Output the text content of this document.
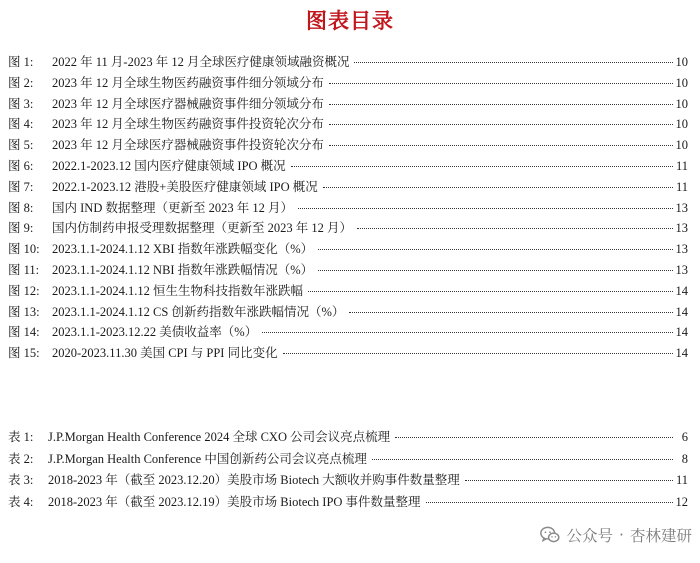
图表目录
图 1:	2022 年 11 月-2023 年 12 月全球医疗健康领域融资概况	10
图 2:	2023 年 12 月全球生物医药融资事件细分领域分布	10
图 3:	2023 年 12 月全球医疗器械融资事件细分领域分布	10
图 4:	2023 年 12 月全球生物医药融资事件投资轮次分布	10
图 5:	2023 年 12 月全球医疗器械融资事件投资轮次分布	10
图 6:	2022.1-2023.12 国内医疗健康领域 IPO 概况	11
图 7:	2022.1-2023.12 港股+美股医疗健康领域 IPO 概况	11
图 8:	国内 IND 数据整理（更新至 2023 年 12 月）	13
图 9:	国内仿制药申报受理数据整理（更新至 2023 年 12 月）	13
图 10: 2023.1.1-2024.1.12 XBI 指数年涨跌幅变化（%）	13
图 11:	2023.1.1-2024.1.12 NBI 指数年涨跌幅情况（%）	13
图 12: 2023.1.1-2024.1.12 恒生生物科技指数年涨跌幅	14
图 13: 2023.1.1-2024.1.12 CS 创新药指数年涨跌幅情况（%）	14
图 14: 2023.1.1-2023.12.22 美债收益率（%）	14
图 15: 2020-2023.11.30 美国 CPI 与 PPI 同比变化	14
表 1:	J.P.Morgan Health Conference 2024 全球 CXO 公司会议亮点梳理	6
表 2:	J.P.Morgan Health Conference 中国创新药公司会议亮点梳理	8
表 3:	2018-2023 年（截至 2023.12.20）美股市场 Biotech 大额收并购事件数量整理	11
表 4:	2018-2023 年（截至 2023.12.19）美股市场 Biotech IPO 事件数量整理	12
公众号 · 杏林建研
